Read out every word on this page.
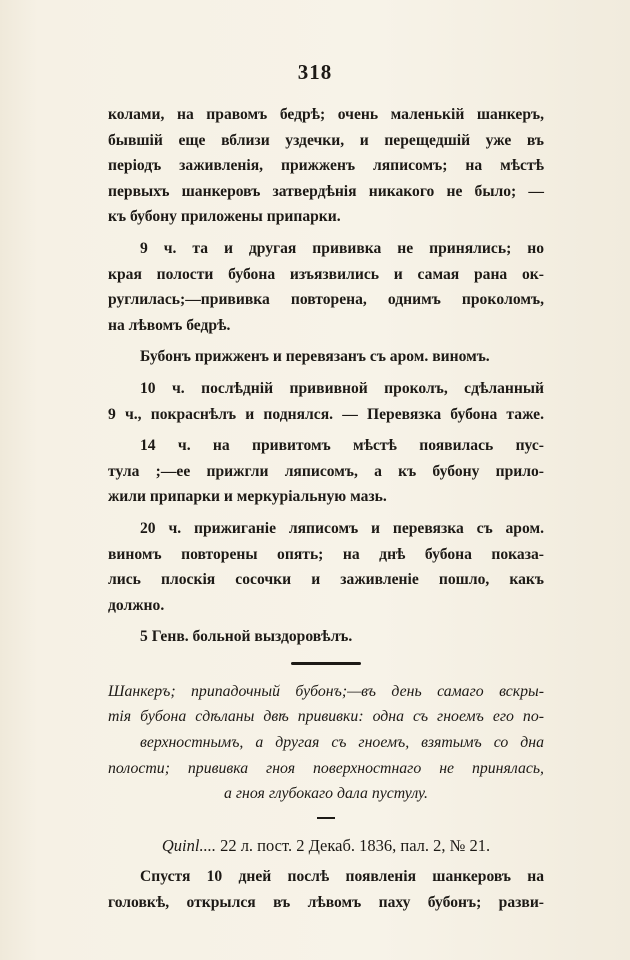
318
колами, на правомъ бедрѣ; очень маленькій шанкеръ,
бывшій еще вблизи уздечки, и перещедшій уже въ
періодъ заживленія, прижженъ ляписомъ; на мѣстѣ
первыхъ шанкеровъ затвердѣнія никакого не было; —
къ бубону приложены припарки.
9 ч. та и другая прививка не принялись; но
края полости бубона изъязвились и самая рана ок-
руглилась;—прививка повторена, однимъ прокoломъ,
на лѣвомъ бедрѣ.
Бубонъ прижженъ и перевязанъ съ аром. виномъ.
10 ч. послѣдній прививной проколъ, сдѣланный
9 ч., покраснѣлъ и поднялся. — Перевязка бубона таже.
14 ч. на привитомъ мѣстѣ появилась пус-
тула ;—ее прижгли ляписомъ, а къ бубону прило-
жили припарки и меркуріальную мазь.
20 ч. прижиганіе ляписомъ и перевязка съ аром.
виномъ повторены опять; на днѣ бубона показа-
лись плоскія сосочки и заживленіе пошло, какъ
должно.
5 Генв. больной выздоровѣлъ.
Шанкеръ; припадочный бубонъ;—въ день самаго вскры-
тія бубона сдѣланы двѣ прививки: одна съ гноемъ его по-
верхностнымъ, а другая съ гноемъ, взятымъ со дна
полости; прививка гноя поверхностнаго не принялась,
а гноя глубокаго дала пустулу.
Quinl.... 22 л. пост. 2 Декаб. 1836, пал. 2, № 21.
Спустя 10 дней послѣ появленія шанкеровъ на
головкѣ, открылся въ лѣвомъ паху бубонъ; разви-
